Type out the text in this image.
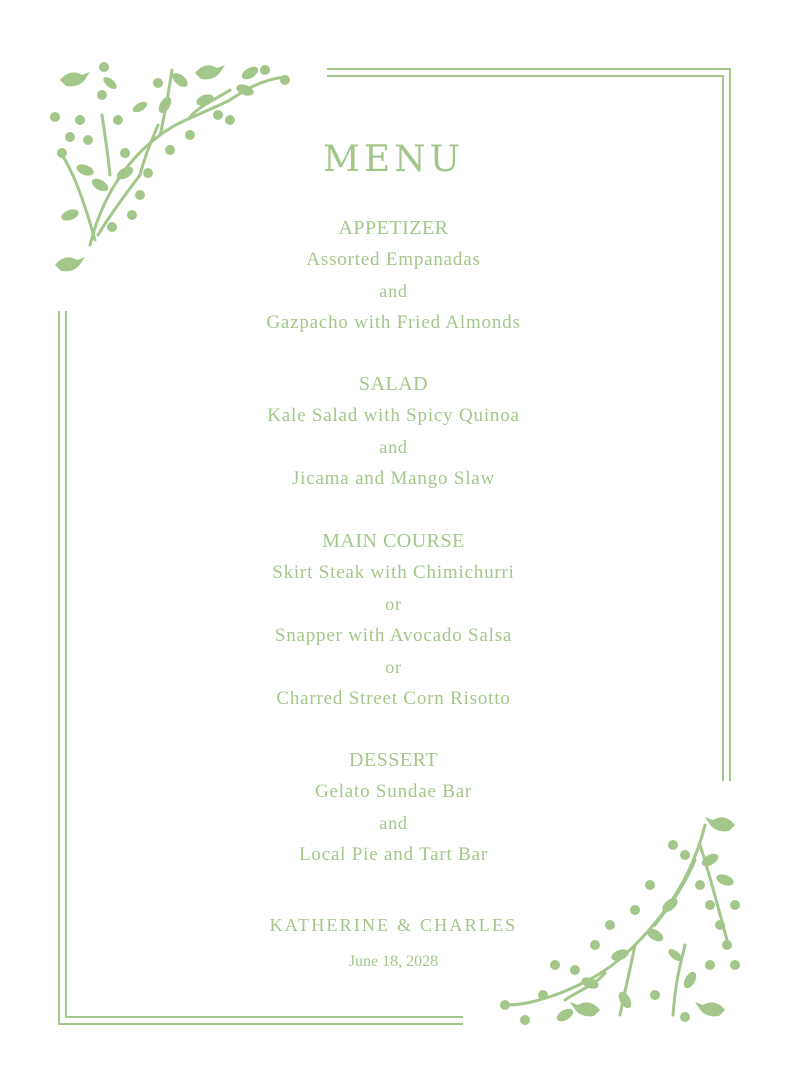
MENU
APPETIZER
Assorted Empanadas
and
Gazpacho with Fried Almonds
SALAD
Kale Salad with Spicy Quinoa
and
Jicama and Mango Slaw
MAIN COURSE
Skirt Steak with Chimichurri
or
Snapper with Avocado Salsa
or
Charred Street Corn Risotto
DESSERT
Gelato Sundae Bar
and
Local Pie and Tart Bar
KATHERINE & CHARLES
June 18, 2028
